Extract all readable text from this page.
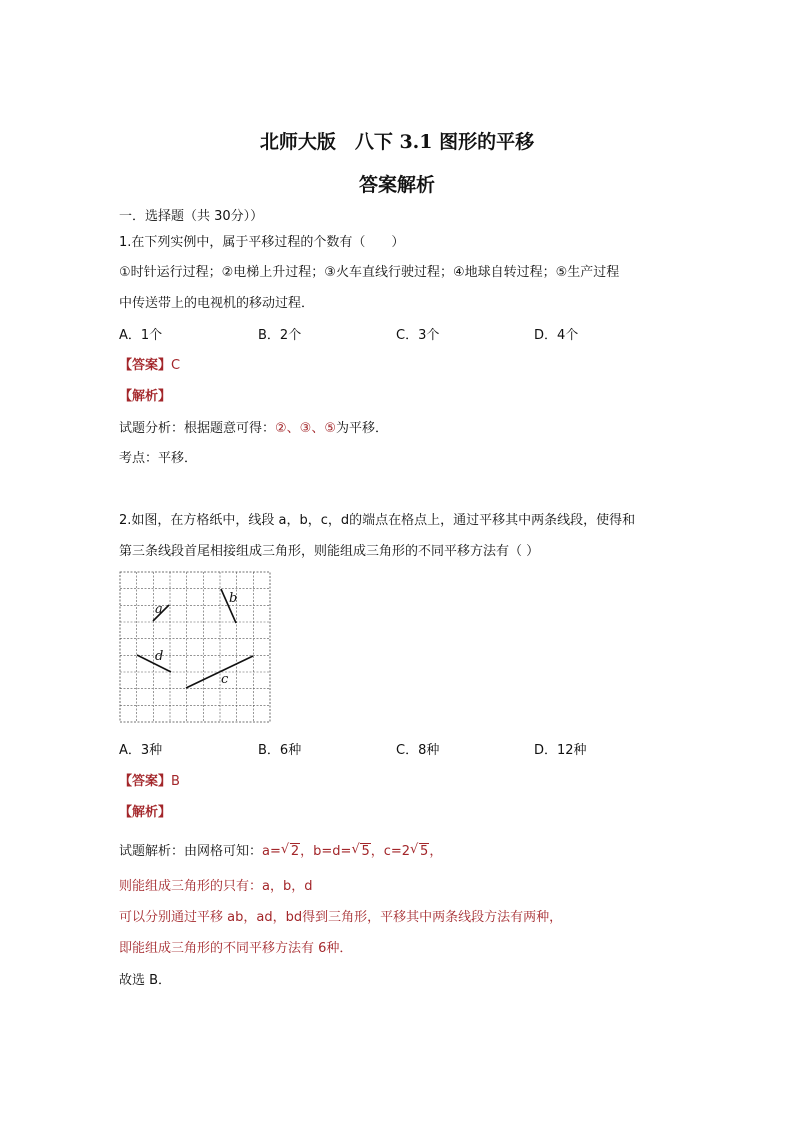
北师大版　八下 3.1 图形的平移
答案解析
一．选择题（共 30分））
1.在下列实例中，属于平移过程的个数有（　　）
①时针运行过程；②电梯上升过程；③火车直线行驶过程；④地球自转过程；⑤生产过程
中传送带上的电视机的移动过程．
A．1个	B．2个	C．3个	D．4个
【答案】C
【解析】
试题分析：根据题意可得：②、③、⑤为平移．
考点：平移．
2.如图，在方格纸中，线段 a，b，c，d的端点在格点上，通过平移其中两条线段，使得和
第三条线段首尾相接组成三角形，则能组成三角形的不同平移方法有（ ）
a
b
c
d
A．3种	B．6种	C．8种	D．12种
【答案】B
【解析】
试题解析：由网格可知：a= √ 2，b=d= √ 5，c=2 √ 5，
则能组成三角形的只有：a，b，d
可以分别通过平移 ab，ad，bd得到三角形，平移其中两条线段方法有两种，
即能组成三角形的不同平移方法有 6种．
故选 B．
